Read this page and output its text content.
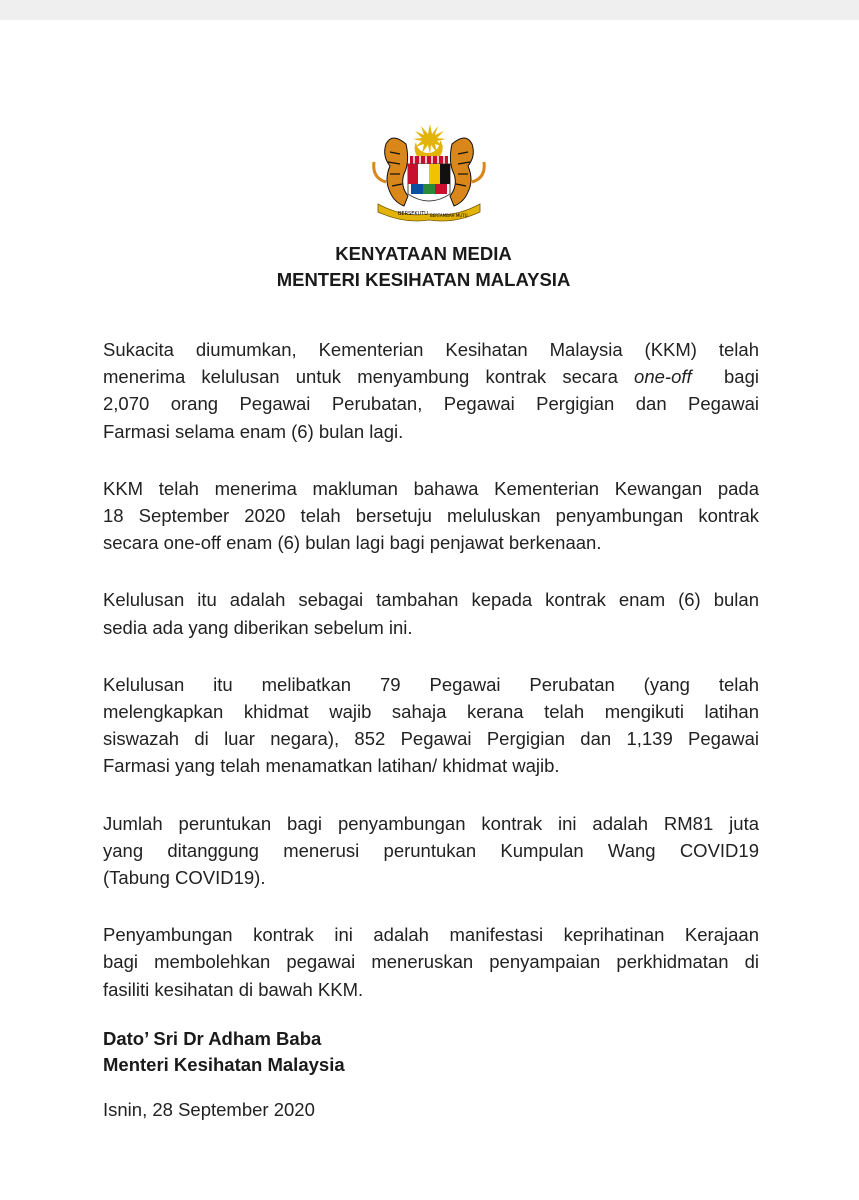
BERSEKUTU BERTAMBAH MUTU
KENYATAAN MEDIA
MENTERI KESIHATAN MALAYSIA

Sukacita diumumkan, Kementerian Kesihatan Malaysia (KKM) telah
menerima kelulusan untuk menyambung kontrak secara one-off  bagi
2,070 orang Pegawai Perubatan, Pegawai Pergigian dan Pegawai
Farmasi selama enam (6) bulan lagi.

KKM telah menerima makluman bahawa Kementerian Kewangan pada
18 September 2020 telah bersetuju meluluskan penyambungan kontrak
secara one-off enam (6) bulan lagi bagi penjawat berkenaan.

Kelulusan itu adalah sebagai tambahan kepada kontrak enam (6) bulan
sedia ada yang diberikan sebelum ini.

Kelulusan itu melibatkan 79 Pegawai Perubatan (yang telah
melengkapkan khidmat wajib sahaja kerana telah mengikuti latihan
siswazah di luar negara), 852 Pegawai Pergigian dan 1,139 Pegawai
Farmasi yang telah menamatkan latihan/ khidmat wajib.

Jumlah peruntukan bagi penyambungan kontrak ini adalah RM81 juta
yang ditanggung menerusi peruntukan Kumpulan Wang COVID19
(Tabung COVID19).

Penyambungan kontrak ini adalah manifestasi keprihatinan Kerajaan
bagi membolehkan pegawai meneruskan penyampaian perkhidmatan di
fasiliti kesihatan di bawah KKM.

Dato’ Sri Dr Adham Baba
Menteri Kesihatan Malaysia
Isnin, 28 September 2020
